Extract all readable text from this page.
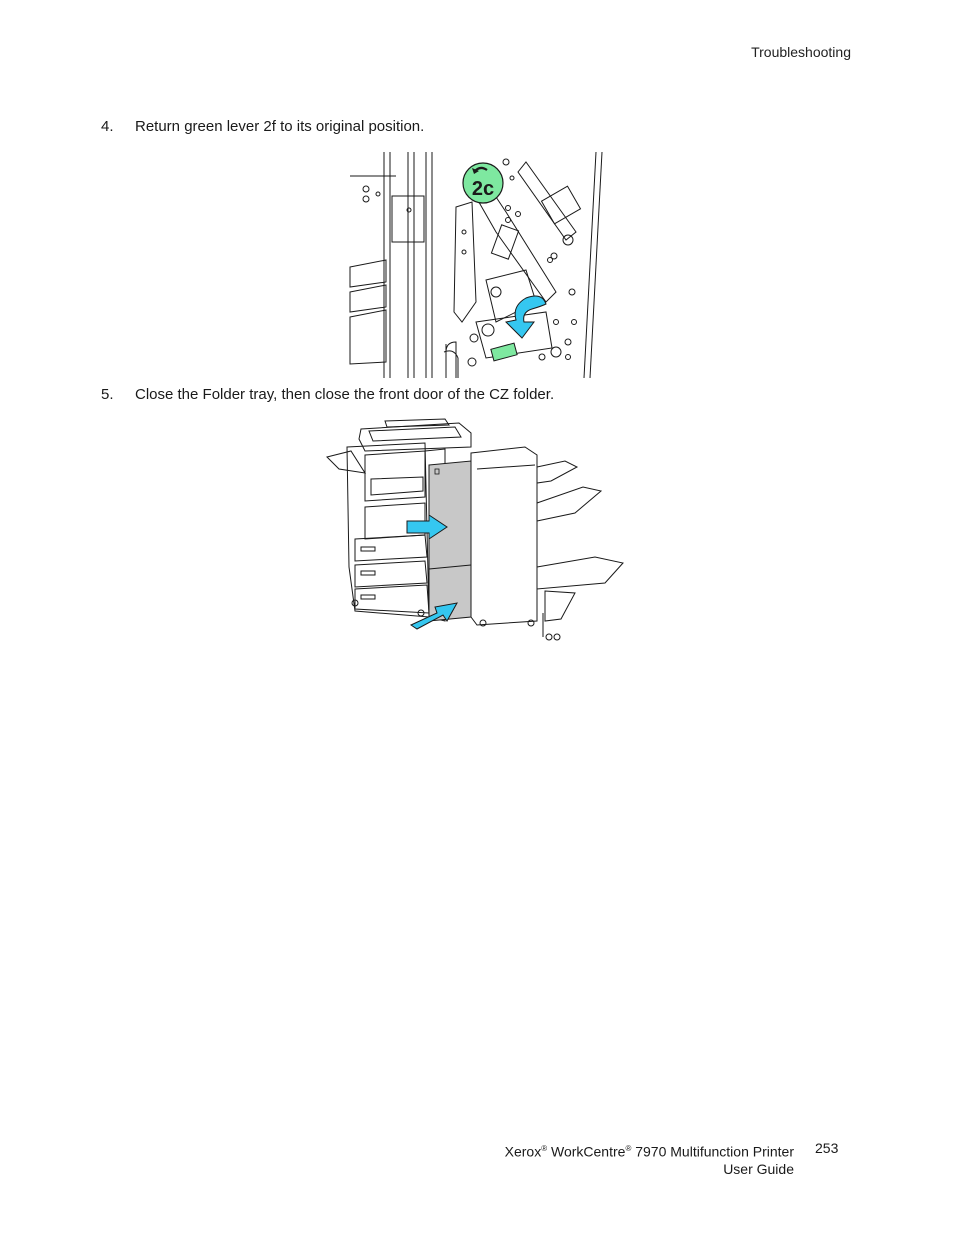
Troubleshooting
4.	Return green lever 2f to its original position.
2c
5.	Close the Folder tray, then close the front door of the CZ folder.
Xerox® WorkCentre® 7970 Multifunction Printer
User Guide
253
